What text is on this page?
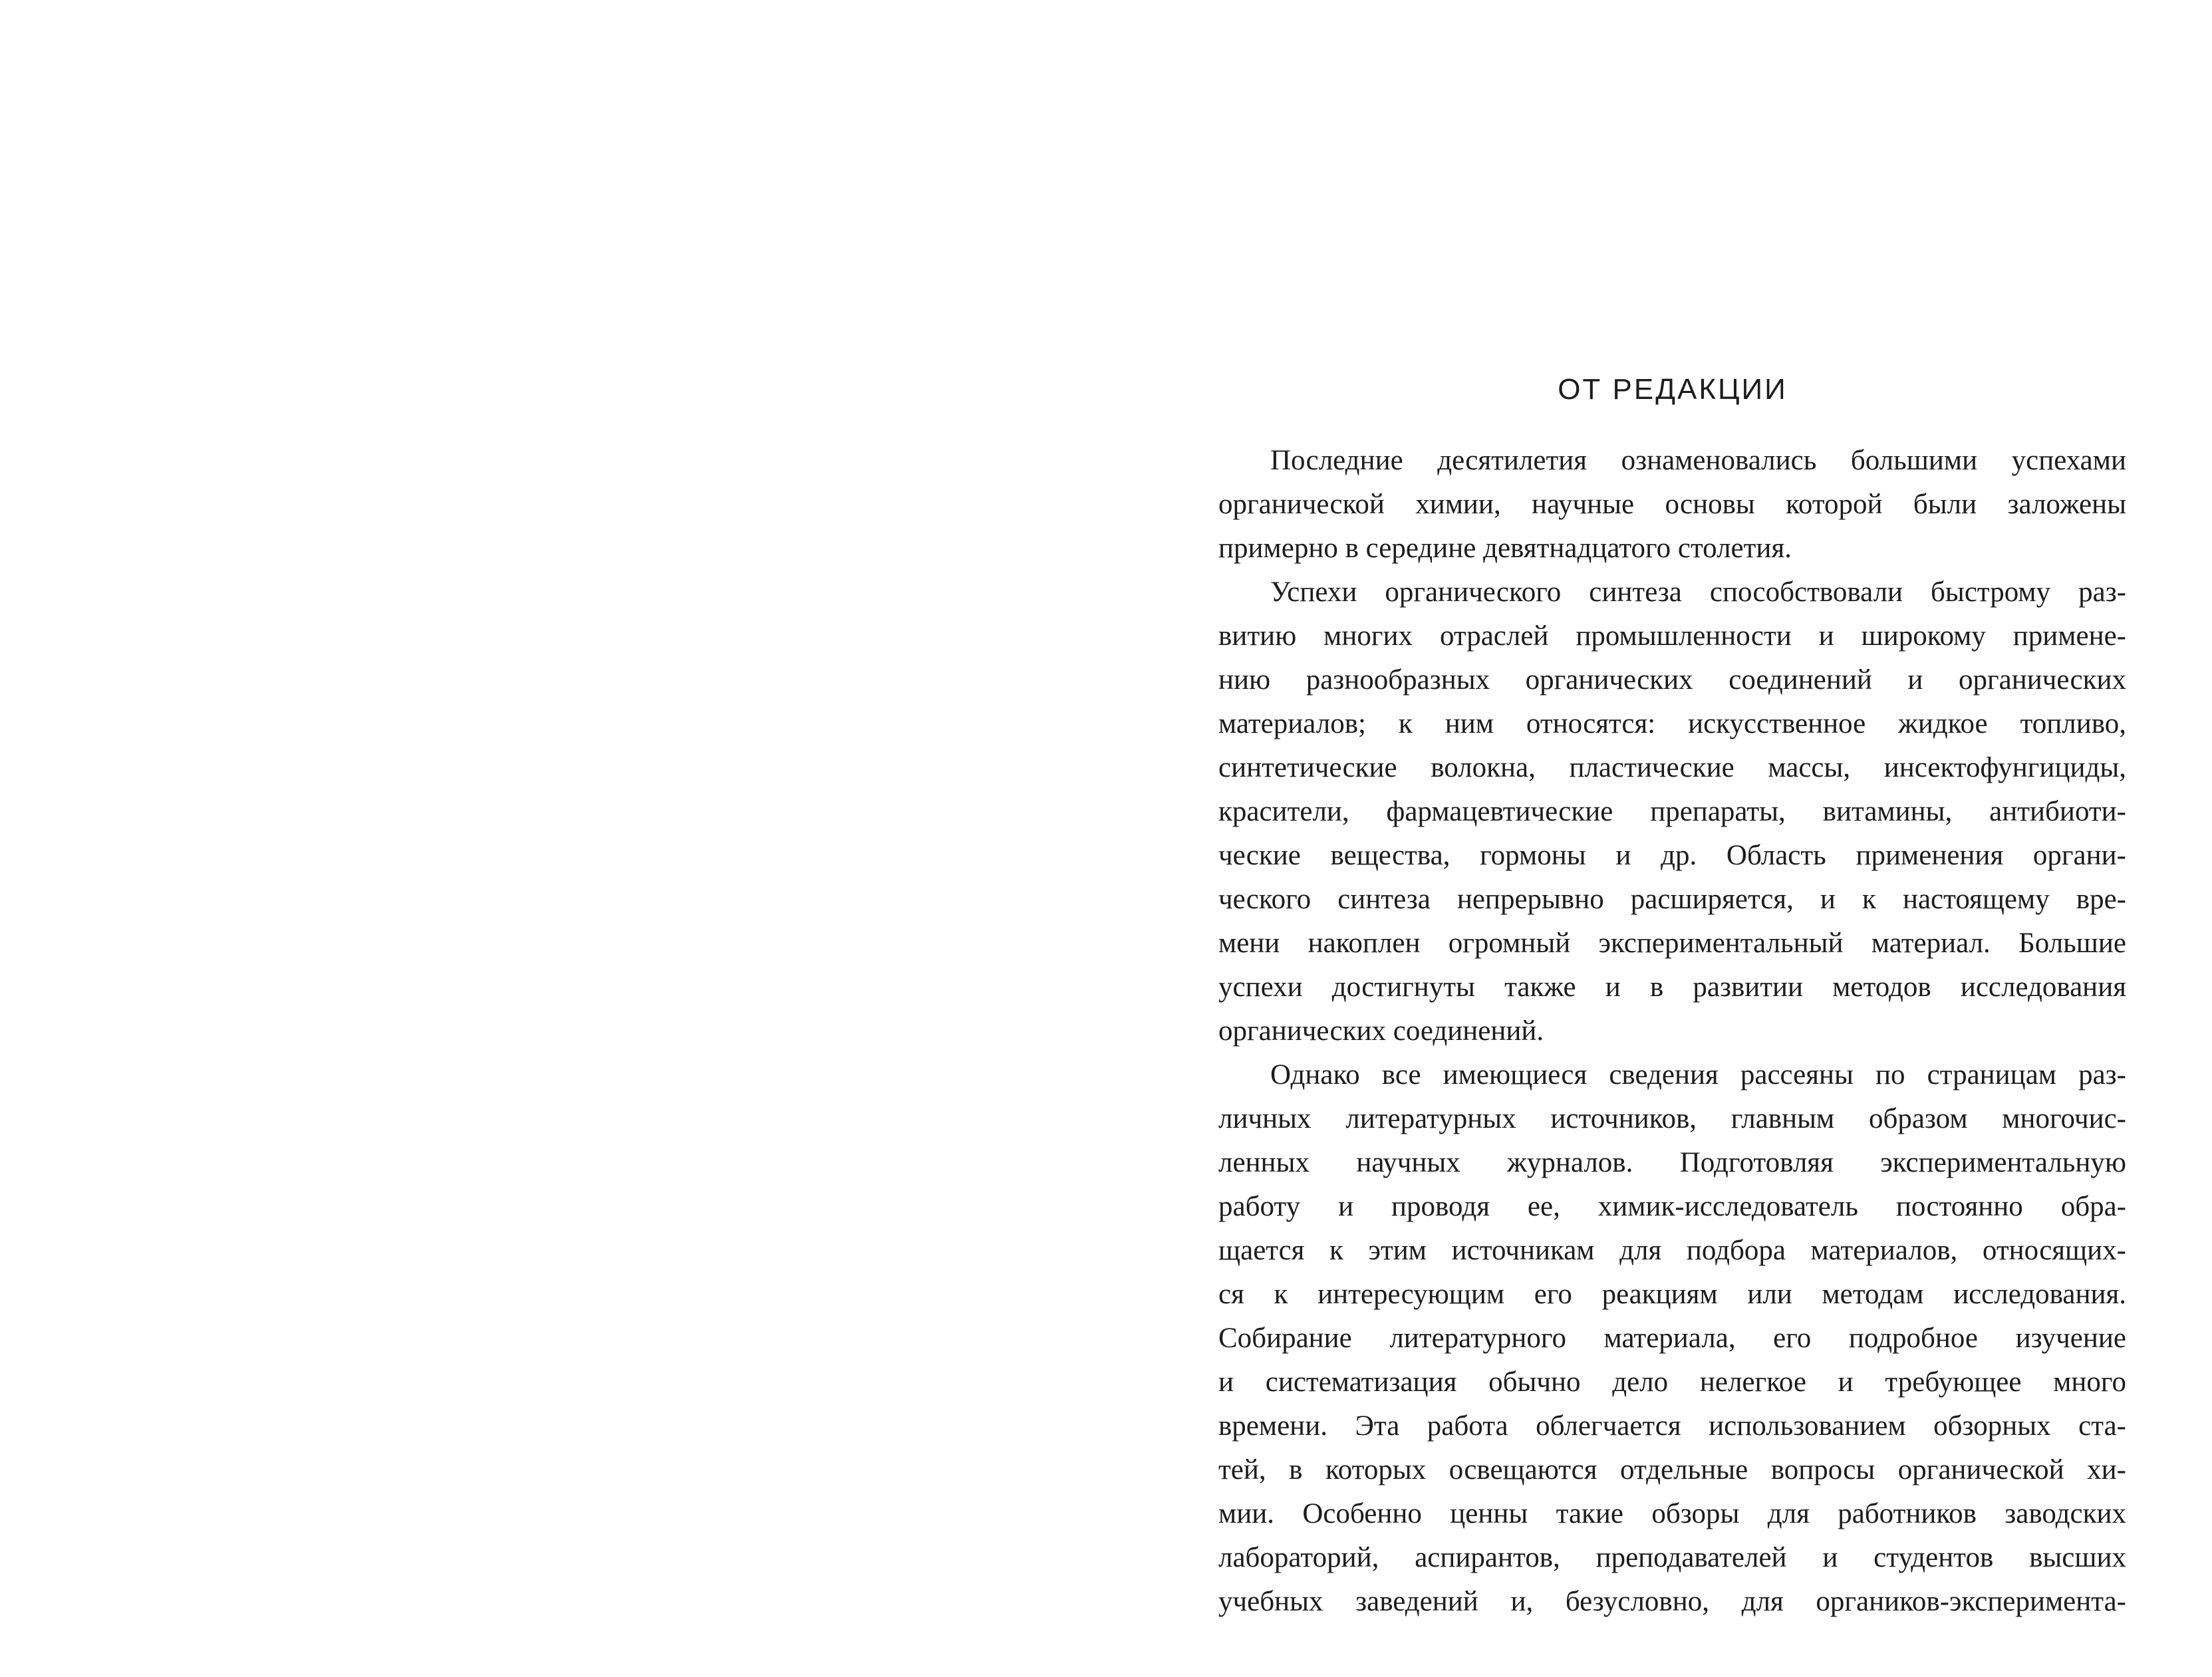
ОТ РЕДАКЦИИ
Последние десятилетия ознаменовались большими успехами
органической химии, научные основы которой были заложены
примерно в середине девятнадцатого столетия.
Успехи органического синтеза способствовали быстрому раз-
витию многих отраслей промышленности и широкому примене-
нию разнообразных органических соединений и органических
материалов; к ним относятся: искусственное жидкое топливо,
синтетические волокна, пластические массы, инсектофунгициды,
красители, фармацевтические препараты, витамины, антибиоти-
ческие вещества, гормоны и др. Область применения органи-
ческого синтеза непрерывно расширяется, и к настоящему вре-
мени накоплен огромный экспериментальный материал. Большие
успехи достигнуты также и в развитии методов исследования
органических соединений.
Однако все имеющиеся сведения рассеяны по страницам раз-
личных литературных источников, главным образом многочис-
ленных научных журналов. Подготовляя экспериментальную
работу и проводя ее, химик-исследователь постоянно обра-
щается к этим источникам для подбора материалов, относящих-
ся к интересующим его реакциям или методам исследования.
Собирание литературного материала, его подробное изучение
и систематизация обычно дело нелегкое и требующее много
времени. Эта работа облегчается использованием обзорных ста-
тей, в которых освещаются отдельные вопросы органической хи-
мии. Особенно ценны такие обзоры для работников заводских
лабораторий, аспирантов, преподавателей и студентов высших
учебных заведений и, безусловно, для органиков-эксперимента-
